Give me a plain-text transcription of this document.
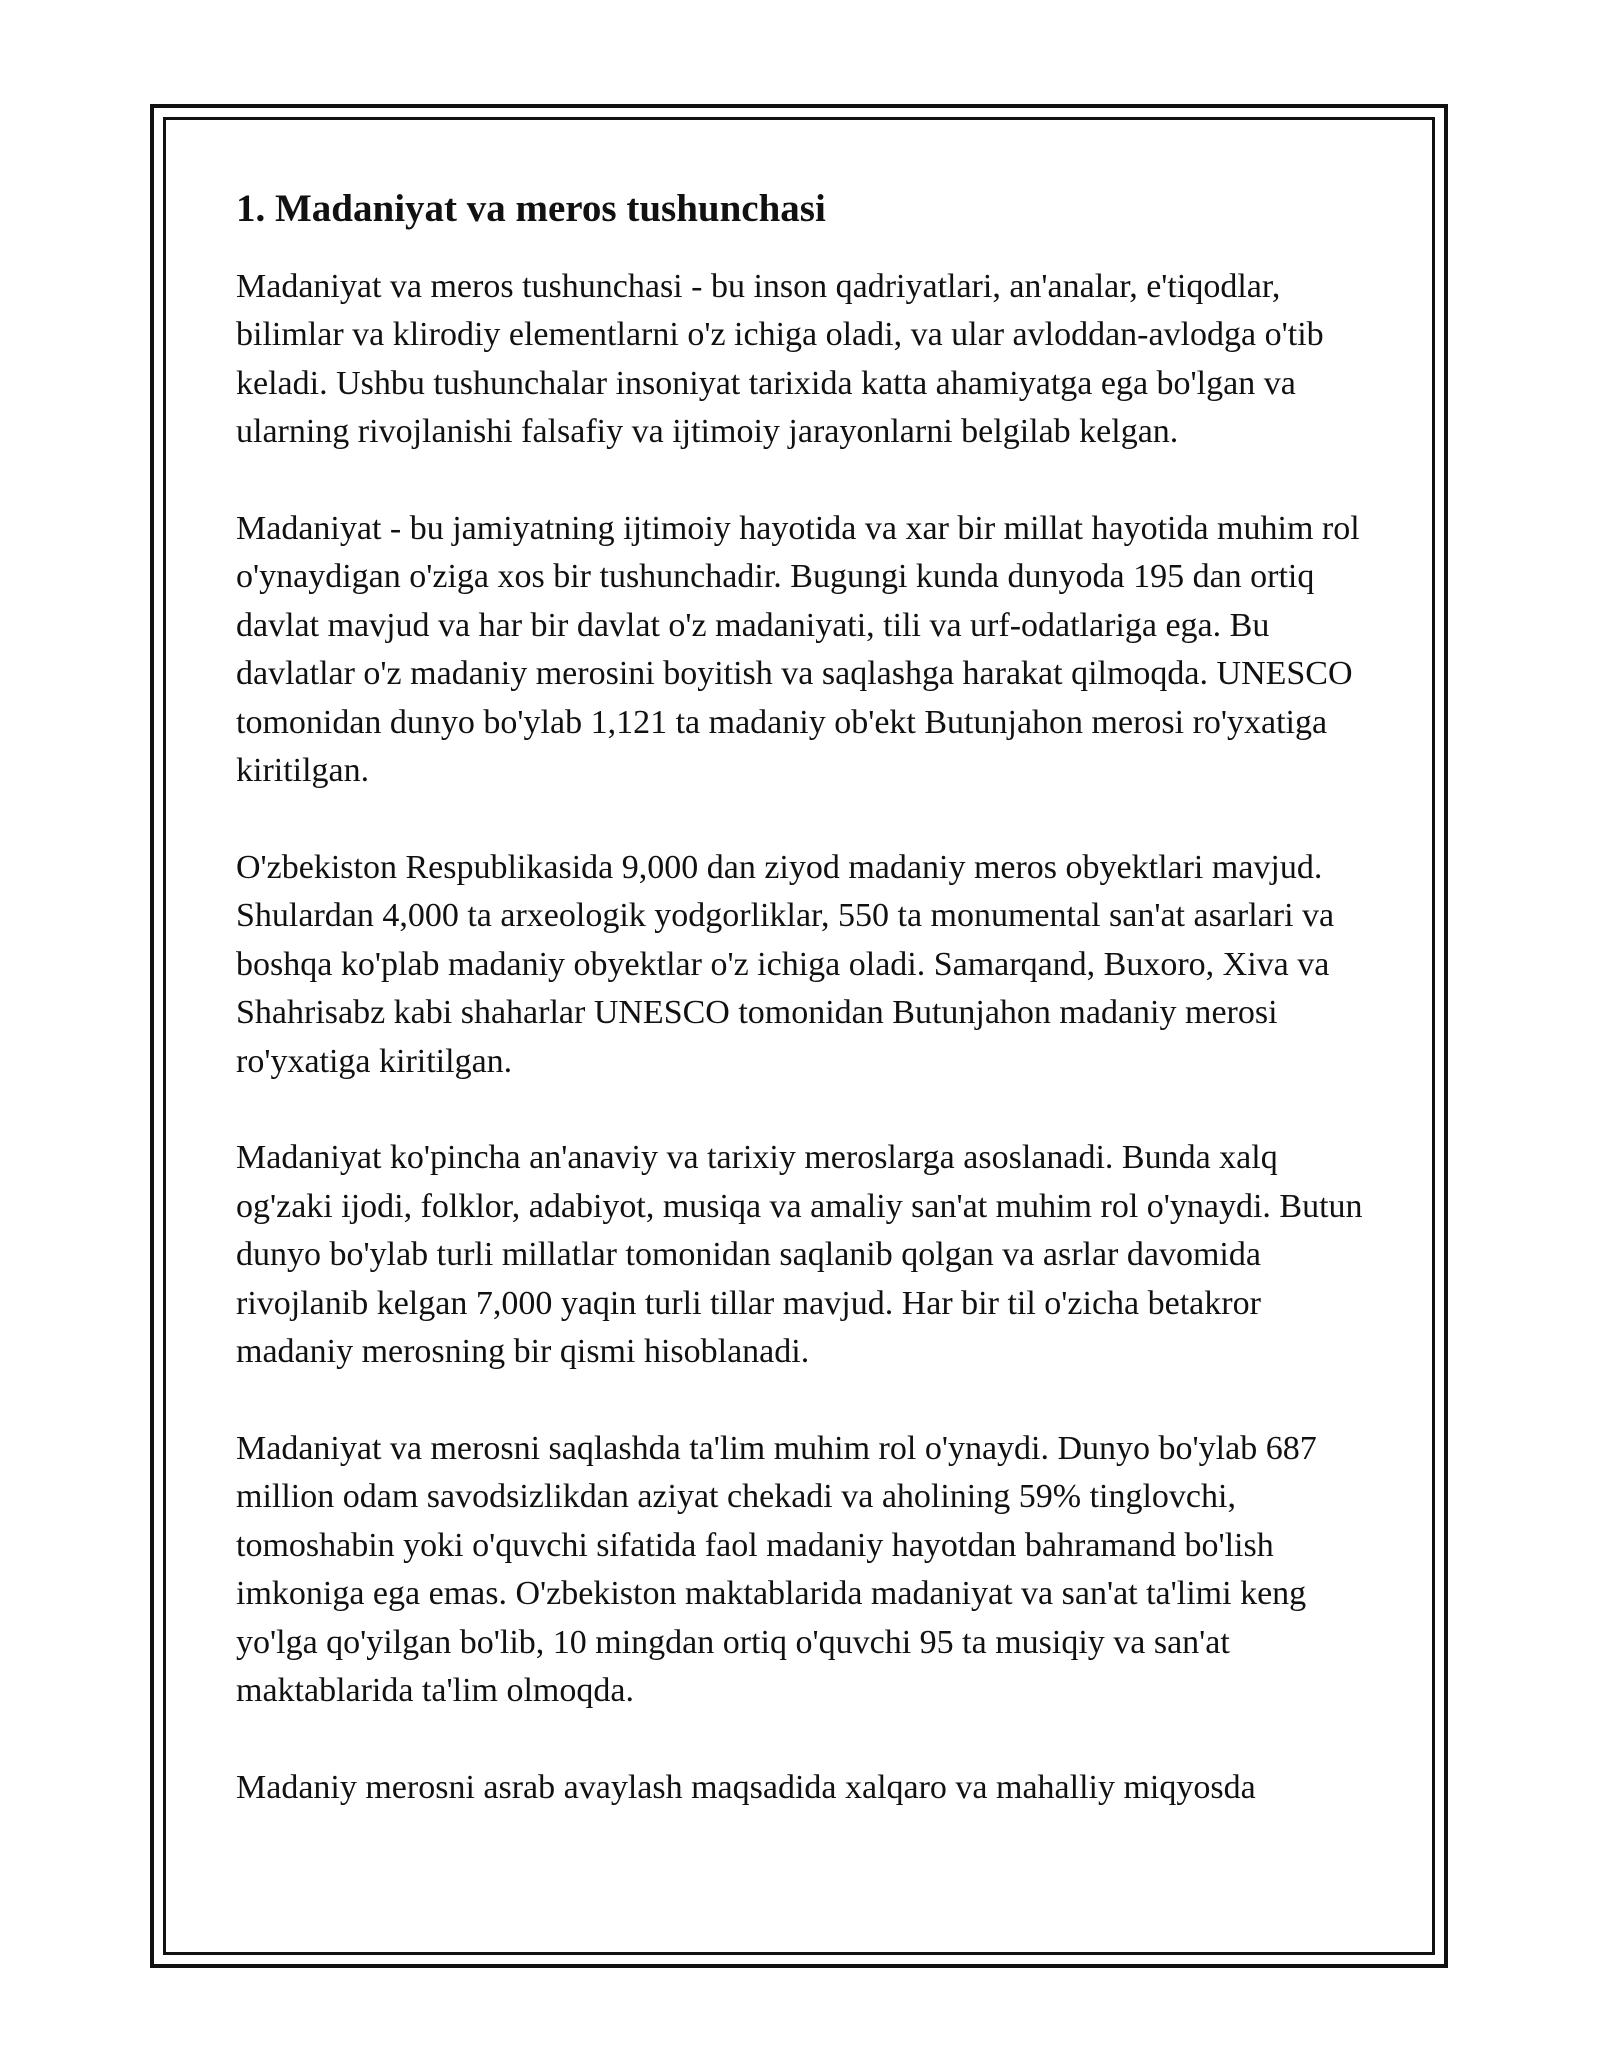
1. Madaniyat va meros tushunchasi

Madaniyat va meros tushunchasi - bu inson qadriyatlari, an'analar, e'tiqodlar, bilimlar va klirodiy elementlarni o'z ichiga oladi, va ular avloddan-avlodga o'tib keladi. Ushbu tushunchalar insoniyat tarixida katta ahamiyatga ega bo'lgan va ularning rivojlanishi falsafiy va ijtimoiy jarayonlarni belgilab kelgan.

Madaniyat - bu jamiyatning ijtimoiy hayotida va xar bir millat hayotida muhim rol o'ynaydigan o'ziga xos bir tushunchadir. Bugungi kunda dunyoda 195 dan ortiq davlat mavjud va har bir davlat o'z madaniyati, tili va urf-odatlariga ega. Bu davlatlar o'z madaniy merosini boyitish va saqlashga harakat qilmoqda. UNESCO tomonidan dunyo bo'ylab 1,121 ta madaniy ob'ekt Butunjahon merosi ro'yxatiga kiritilgan.

O'zbekiston Respublikasida 9,000 dan ziyod madaniy meros obyektlari mavjud. Shulardan 4,000 ta arxeologik yodgorliklar, 550 ta monumental san'at asarlari va boshqa ko'plab madaniy obyektlar o'z ichiga oladi. Samarqand, Buxoro, Xiva va Shahrisabz kabi shaharlar UNESCO tomonidan Butunjahon madaniy merosi ro'yxatiga kiritilgan.

Madaniyat ko'pincha an'anaviy va tarixiy meroslarga asoslanadi. Bunda xalq og'zaki ijodi, folklor, adabiyot, musiqa va amaliy san'at muhim rol o'ynaydi. Butun dunyo bo'ylab turli millatlar tomonidan saqlanib qolgan va asrlar davomida rivojlanib kelgan 7,000 yaqin turli tillar mavjud. Har bir til o'zicha betakror madaniy merosning bir qismi hisoblanadi.

Madaniyat va merosni saqlashda ta'lim muhim rol o'ynaydi. Dunyo bo'ylab 687 million odam savodsizlikdan aziyat chekadi va aholining 59% tinglovchi, tomoshabin yoki o'quvchi sifatida faol madaniy hayotdan bahramand bo'lish imkoniga ega emas. O'zbekiston maktablarida madaniyat va san'at ta'limi keng yo'lga qo'yilgan bo'lib, 10 mingdan ortiq o'quvchi 95 ta musiqiy va san'at maktablarida ta'lim olmoqda.

Madaniy merosni asrab avaylash maqsadida xalqaro va mahalliy miqyosda
